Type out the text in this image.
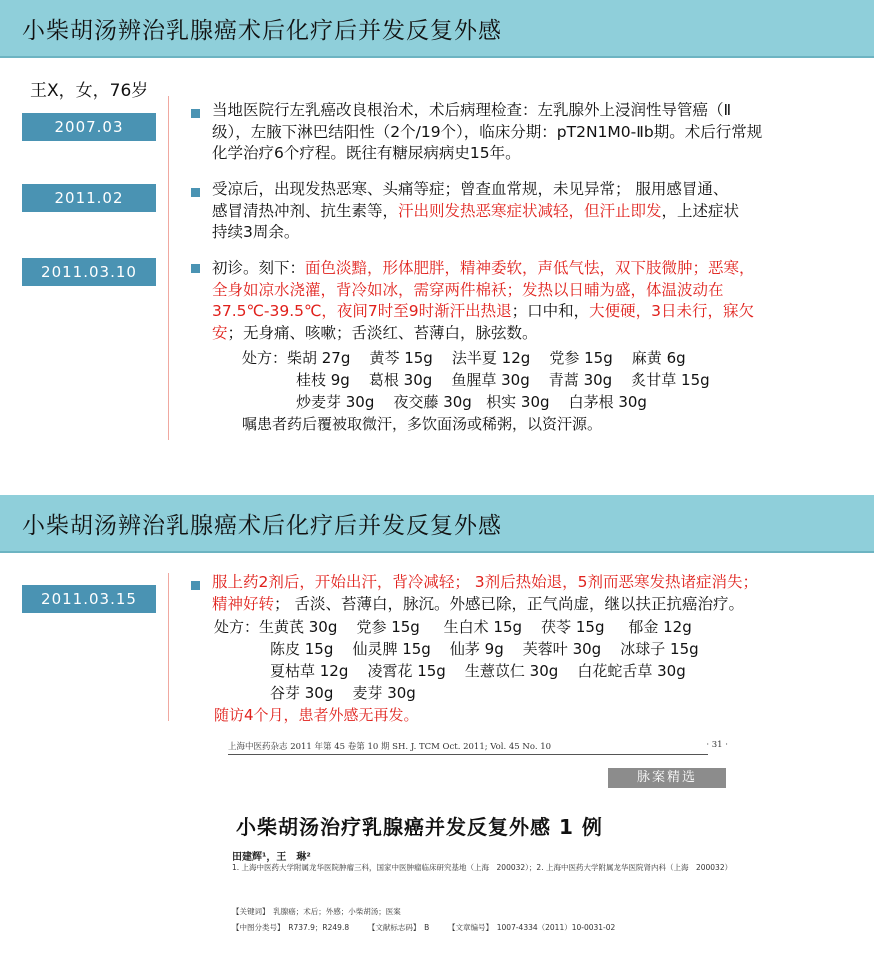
小柴胡汤辨治乳腺癌术后化疗后并发反复外感
王X，女，76岁
2007.03
当地医院行左乳癌改良根治术，术后病理检查：左乳腺外上浸润性导管癌（Ⅱ
级），左腋下淋巴结阳性（2个/19个），临床分期：pT2N1M0-Ⅱb期。术后行常规
化学治疗6个疗程。既往有糖尿病病史15年。
2011.02	受凉后，出现发热恶寒、头痛等症；曾查血常规，未见异常； 服用感冒通、
感冒清热冲剂、抗生素等，汗出则发热恶寒症状减轻，但汗止即发，上述症状
持续3周余。
2011.03.10	初诊。刻下：面色淡黯，形体肥胖，精神委软，声低气怯，双下肢微肿；恶寒，
全身如凉水浇灌，背冷如冰，需穿两件棉袄；发热以日晡为盛，体温波动在
37.5℃-39.5℃，夜间7时至9时渐汗出热退；口中和，大便硬，3日未行，寐欠
安；无身痛、咳嗽；舌淡红、苔薄白，脉弦数。
处方：柴胡 27g    黄芩 15g    法半夏 12g    党参 15g    麻黄 6g
桂枝 9g    葛根 30g    鱼腥草 30g    青蒿 30g    炙甘草 15g
炒麦芽 30g    夜交藤 30g   枳实 30g    白茅根 30g
嘱患者药后覆被取微汗，多饮面汤或稀粥，以资汗源。
小柴胡汤辨治乳腺癌术后化疗后并发反复外感
2011.03.15
服上药2剂后，开始出汗，背冷减轻； 3剂后热始退，5剂而恶寒发热诸症消失；
精神好转； 舌淡、苔薄白，脉沉。外感已除，正气尚虚，继以扶正抗癌治疗。
处方：生黄芪 30g    党参 15g     生白术 15g    茯苓 15g     郁金 12g
陈皮 15g    仙灵脾 15g    仙茅 9g    芙蓉叶 30g    冰球子 15g
夏枯草 12g    凌霄花 15g    生薏苡仁 30g    白花蛇舌草 30g
谷芽 30g    麦芽 30g
随访4个月，患者外感无再发。
上海中医药杂志 2011 年第 45 卷第 10 期 SH. J. TCM Oct. 2011; Vol. 45 No. 10	· 31 ·
脉案精选
小柴胡汤治疗乳腺癌并发反复外感 1 例
田建辉¹，王　琳²
1. 上海中医药大学附属龙华医院肿瘤三科，国家中医肿瘤临床研究基地（上海　200032）；2. 上海中医药大学附属龙华医院肾内科（上海　200032）
【关键词】　乳腺癌；术后；外感；小柴胡汤；医案
【中图分类号】　R737.9；R249.8　　　【文献标志码】　B　　　【文章编号】　1007-4334（2011）10-0031-02
